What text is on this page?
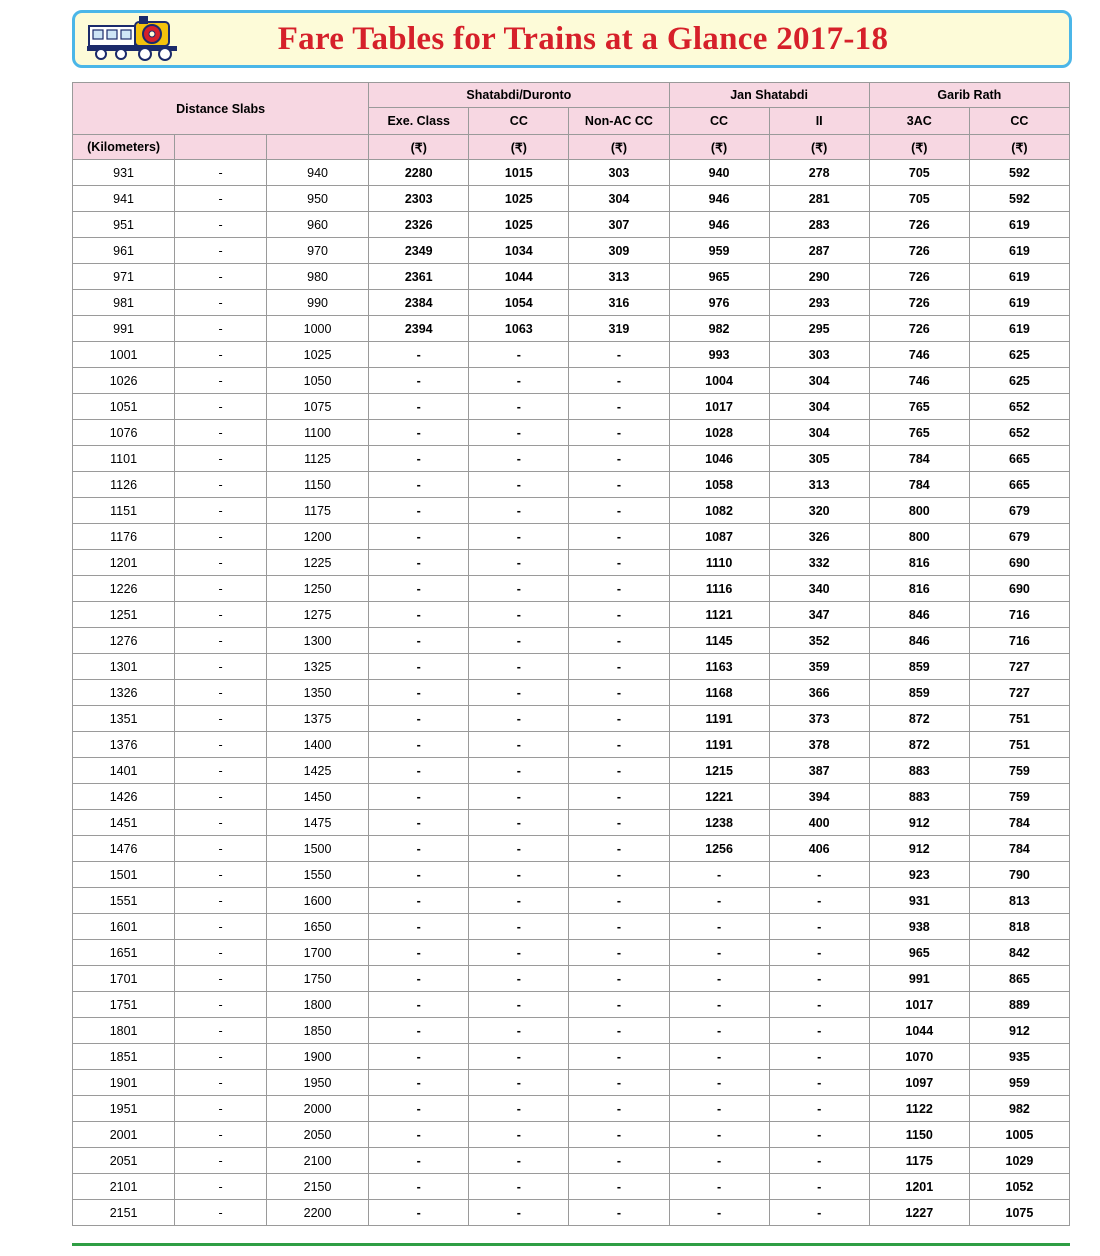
Fare Tables for Trains at a Glance 2017-18
Distance Slabs			Shatabdi/Duronto			Jan Shatabdi		Garib Rath	
			Exe. Class	CC	Non-AC CC	CC	II	3AC	CC
(Kilometers)			(₹)	(₹)	(₹)	(₹)	(₹)	(₹)	(₹)
931	-	940	2280	1015	303	940	278	705	592
941	-	950	2303	1025	304	946	281	705	592
951	-	960	2326	1025	307	946	283	726	619
961	-	970	2349	1034	309	959	287	726	619
971	-	980	2361	1044	313	965	290	726	619
981	-	990	2384	1054	316	976	293	726	619
991	-	1000	2394	1063	319	982	295	726	619
1001	-	1025	-	-	-	993	303	746	625
1026	-	1050	-	-	-	1004	304	746	625
1051	-	1075	-	-	-	1017	304	765	652
1076	-	1100	-	-	-	1028	304	765	652
1101	-	1125	-	-	-	1046	305	784	665
1126	-	1150	-	-	-	1058	313	784	665
1151	-	1175	-	-	-	1082	320	800	679
1176	-	1200	-	-	-	1087	326	800	679
1201	-	1225	-	-	-	1110	332	816	690
1226	-	1250	-	-	-	1116	340	816	690
1251	-	1275	-	-	-	1121	347	846	716
1276	-	1300	-	-	-	1145	352	846	716
1301	-	1325	-	-	-	1163	359	859	727
1326	-	1350	-	-	-	1168	366	859	727
1351	-	1375	-	-	-	1191	373	872	751
1376	-	1400	-	-	-	1191	378	872	751
1401	-	1425	-	-	-	1215	387	883	759
1426	-	1450	-	-	-	1221	394	883	759
1451	-	1475	-	-	-	1238	400	912	784
1476	-	1500	-	-	-	1256	406	912	784
1501	-	1550	-	-	-	-	-	923	790
1551	-	1600	-	-	-	-	-	931	813
1601	-	1650	-	-	-	-	-	938	818
1651	-	1700	-	-	-	-	-	965	842
1701	-	1750	-	-	-	-	-	991	865
1751	-	1800	-	-	-	-	-	1017	889
1801	-	1850	-	-	-	-	-	1044	912
1851	-	1900	-	-	-	-	-	1070	935
1901	-	1950	-	-	-	-	-	1097	959
1951	-	2000	-	-	-	-	-	1122	982
2001	-	2050	-	-	-	-	-	1150	1005
2051	-	2100	-	-	-	-	-	1175	1029
2101	-	2150	-	-	-	-	-	1201	1052
2151	-	2200	-	-	-	-	-	1227	1075
